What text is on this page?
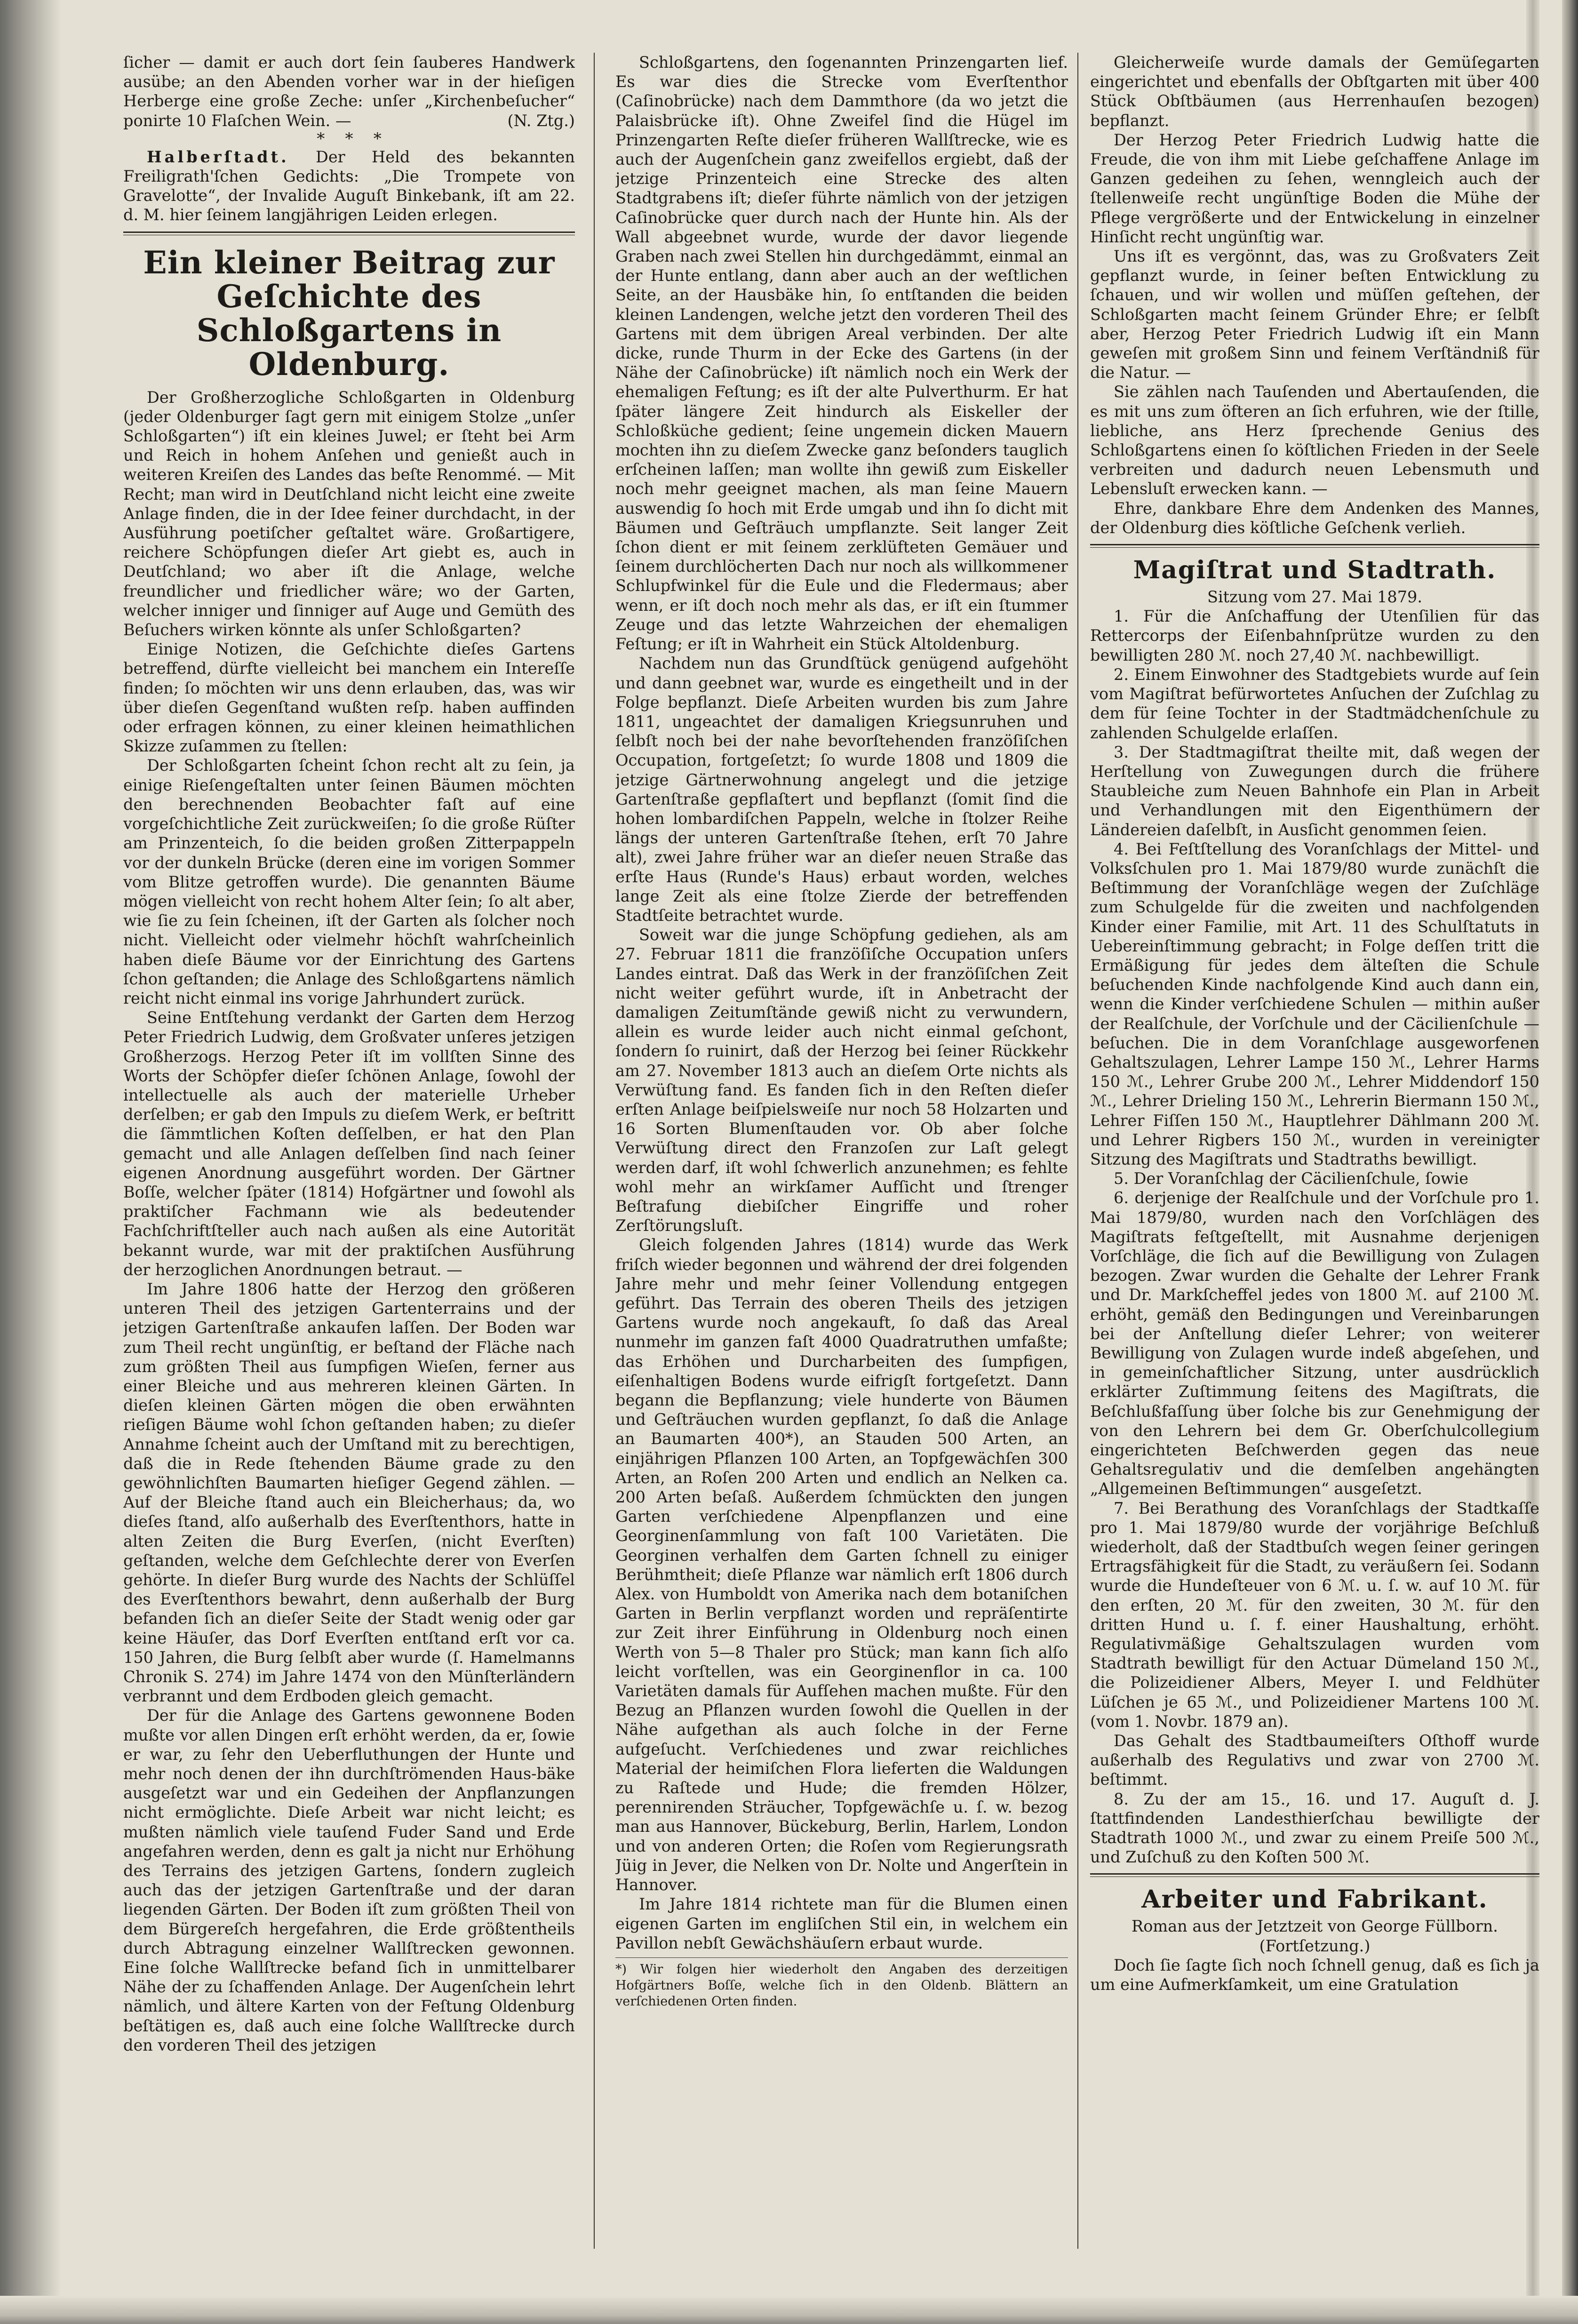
ſicher — damit er auch dort ſein ſauberes Handwerk ausübe; an den Abenden vorher war in der hieſigen Herberge eine große Zeche: unſer „Kirchenbeſucher“ ponirte 10 Flaſchen Wein. —	(N. Ztg.)

*    *    *

Halberſtadt. Der Held des bekannten Freiligrath'ſchen Gedichts: „Die Trompete von Gravelotte“, der Invalide Auguſt Binkebank, iſt am 22. d. M. hier ſeinem langjährigen Leiden erlegen.

Ein kleiner Beitrag zur Geſchichte des Schloßgartens in Oldenburg.

Der Großherzogliche Schloßgarten in Oldenburg (jeder Oldenburger ſagt gern mit einigem Stolze „unſer Schloßgarten“) iſt ein kleines Juwel; er ſteht bei Arm und Reich in hohem Anſehen und genießt auch in weiteren Kreiſen des Landes das beſte Renommé. — Mit Recht; man wird in Deutſchland nicht leicht eine zweite Anlage finden, die in der Idee feiner durchdacht, in der Ausführung poetiſcher geſtaltet wäre. Großartigere, reichere Schöpfungen dieſer Art giebt es, auch in Deutſchland; wo aber iſt die Anlage, welche freundlicher und friedlicher wäre; wo der Garten, welcher inniger und ſinniger auf Auge und Gemüth des Beſuchers wirken könnte als unſer Schloßgarten?

Einige Notizen, die Geſchichte dieſes Gartens betreffend, dürfte vielleicht bei manchem ein Intereſſe finden; ſo möchten wir uns denn erlauben, das, was wir über dieſen Gegenſtand wußten reſp. haben auffinden oder erfragen können, zu einer kleinen heimathlichen Skizze zuſammen zu ſtellen:

Der Schloßgarten ſcheint ſchon recht alt zu ſein, ja einige Rieſengeſtalten unter ſeinen Bäumen möchten den berechnenden Beobachter faſt auf eine vorgeſchichtliche Zeit zurückweiſen; ſo die große Rüſter am Prinzenteich, ſo die beiden großen Zitterpappeln vor der dunkeln Brücke (deren eine im vorigen Sommer vom Blitze getroffen wurde). Die genannten Bäume mögen vielleicht von recht hohem Alter ſein; ſo alt aber, wie ſie zu ſein ſcheinen, iſt der Garten als ſolcher noch nicht. Vielleicht oder vielmehr höchſt wahrſcheinlich haben dieſe Bäume vor der Einrichtung des Gartens ſchon geſtanden; die Anlage des Schloßgartens nämlich reicht nicht einmal ins vorige Jahrhundert zurück.

Seine Entſtehung verdankt der Garten dem Herzog Peter Friedrich Ludwig, dem Großvater unſeres jetzigen Großherzogs. Herzog Peter iſt im vollſten Sinne des Worts der Schöpfer dieſer ſchönen Anlage, ſowohl der intellectuelle als auch der materielle Urheber derſelben; er gab den Impuls zu dieſem Werk, er beſtritt die ſämmtlichen Koſten deſſelben, er hat den Plan gemacht und alle Anlagen deſſelben ſind nach ſeiner eigenen Anordnung ausgeführt worden. Der Gärtner Boſſe, welcher ſpäter (1814) Hofgärtner und ſowohl als praktiſcher Fachmann wie als bedeutender Fachſchriftſteller auch nach außen als eine Autorität bekannt wurde, war mit der praktiſchen Ausführung der herzoglichen Anordnungen betraut. —

Im Jahre 1806 hatte der Herzog den größeren unteren Theil des jetzigen Gartenterrains und der jetzigen Gartenſtraße ankaufen laſſen. Der Boden war zum Theil recht ungünſtig, er beſtand der Fläche nach zum größten Theil aus ſumpfigen Wieſen, ferner aus einer Bleiche und aus mehreren kleinen Gärten. In dieſen kleinen Gärten mögen die oben erwähnten rieſigen Bäume wohl ſchon geſtanden haben; zu dieſer Annahme ſcheint auch der Umſtand mit zu berechtigen, daß die in Rede ſtehenden Bäume grade zu den gewöhnlichſten Baumarten hieſiger Gegend zählen. — Auf der Bleiche ſtand auch ein Bleicherhaus; da, wo dieſes ſtand, alſo außerhalb des Everſtenthors, hatte in alten Zeiten die Burg Everſen, (nicht Everſten) geſtanden, welche dem Geſchlechte derer von Everſen gehörte. In dieſer Burg wurde des Nachts der Schlüſſel des Everſtenthors bewahrt, denn außerhalb der Burg befanden ſich an dieſer Seite der Stadt wenig oder gar keine Häuſer, das Dorf Everſten entſtand erſt vor ca. 150 Jahren, die Burg ſelbſt aber wurde (ſ. Hamelmanns Chronik S. 274) im Jahre 1474 von den Münſterländern verbrannt und dem Erdboden gleich gemacht.

Der für die Anlage des Gartens gewonnene Boden mußte vor allen Dingen erſt erhöht werden, da er, ſowie er war, zu ſehr den Ueberfluthungen der Hunte und mehr noch denen der ihn durchſtrömenden Haus-bäke ausgeſetzt war und ein Gedeihen der Anpflanzungen nicht ermöglichte. Dieſe Arbeit war nicht leicht; es mußten nämlich viele tauſend Fuder Sand und Erde angefahren werden, denn es galt ja nicht nur Erhöhung des Terrains des jetzigen Gartens, ſondern zugleich auch das der jetzigen Gartenſtraße und der daran liegenden Gärten. Der Boden iſt zum größten Theil von dem Bürgereſch hergefahren, die Erde größtentheils durch Abtragung einzelner Wallſtrecken gewonnen. Eine ſolche Wallſtrecke befand ſich in unmittelbarer Nähe der zu ſchaffenden Anlage. Der Augenſchein lehrt nämlich, und ältere Karten von der Feſtung Oldenburg beſtätigen es, daß auch eine ſolche Wallſtrecke durch den vorderen Theil des jetzigen

Schloßgartens, den ſogenannten Prinzengarten lief. Es war dies die Strecke vom Everſtenthor (Caſinobrücke) nach dem Dammthore (da wo jetzt die Palaisbrücke iſt). Ohne Zweifel ſind die Hügel im Prinzengarten Reſte dieſer früheren Wallſtrecke, wie es auch der Augenſchein ganz zweifellos ergiebt, daß der jetzige Prinzenteich eine Strecke des alten Stadtgrabens iſt; dieſer führte nämlich von der jetzigen Caſinobrücke quer durch nach der Hunte hin. Als der Wall abgeebnet wurde, wurde der davor liegende Graben nach zwei Stellen hin durchgedämmt, einmal an der Hunte entlang, dann aber auch an der weſtlichen Seite, an der Hausbäke hin, ſo entſtanden die beiden kleinen Landengen, welche jetzt den vorderen Theil des Gartens mit dem übrigen Areal verbinden. Der alte dicke, runde Thurm in der Ecke des Gartens (in der Nähe der Caſinobrücke) iſt nämlich noch ein Werk der ehemaligen Feſtung; es iſt der alte Pulverthurm. Er hat ſpäter längere Zeit hindurch als Eiskeller der Schloßküche gedient; ſeine ungemein dicken Mauern mochten ihn zu dieſem Zwecke ganz beſonders tauglich erſcheinen laſſen; man wollte ihn gewiß zum Eiskeller noch mehr geeignet machen, als man ſeine Mauern auswendig ſo hoch mit Erde umgab und ihn ſo dicht mit Bäumen und Geſträuch umpflanzte. Seit langer Zeit ſchon dient er mit ſeinem zerklüfteten Gemäuer und ſeinem durchlöcherten Dach nur noch als willkommener Schlupfwinkel für die Eule und die Fledermaus; aber wenn, er iſt doch noch mehr als das, er iſt ein ſtummer Zeuge und das letzte Wahrzeichen der ehemaligen Feſtung; er iſt in Wahrheit ein Stück Altoldenburg.

Nachdem nun das Grundſtück genügend aufgehöht und dann geebnet war, wurde es eingetheilt und in der Folge bepflanzt. Dieſe Arbeiten wurden bis zum Jahre 1811, ungeachtet der damaligen Kriegsunruhen und ſelbſt noch bei der nahe bevorſtehenden franzöſiſchen Occupation, fortgeſetzt; ſo wurde 1808 und 1809 die jetzige Gärtnerwohnung angelegt und die jetzige Gartenſtraße gepflaſtert und bepflanzt (ſomit ſind die hohen lombardiſchen Pappeln, welche in ſtolzer Reihe längs der unteren Gartenſtraße ſtehen, erſt 70 Jahre alt), zwei Jahre früher war an dieſer neuen Straße das erſte Haus (Runde's Haus) erbaut worden, welches lange Zeit als eine ſtolze Zierde der betreffenden Stadtſeite betrachtet wurde.

Soweit war die junge Schöpfung gediehen, als am 27. Februar 1811 die franzöſiſche Occupation unſers Landes eintrat. Daß das Werk in der franzöſiſchen Zeit nicht weiter geführt wurde, iſt in Anbetracht der damaligen Zeitumſtände gewiß nicht zu verwundern, allein es wurde leider auch nicht einmal geſchont, ſondern ſo ruinirt, daß der Herzog bei ſeiner Rückkehr am 27. November 1813 auch an dieſem Orte nichts als Verwüſtung fand. Es fanden ſich in den Reſten dieſer erſten Anlage beiſpielsweiſe nur noch 58 Holzarten und 16 Sorten Blumenſtauden vor. Ob aber ſolche Verwüſtung direct den Franzoſen zur Laſt gelegt werden darf, iſt wohl ſchwerlich anzunehmen; es fehlte wohl mehr an wirkſamer Aufſicht und ſtrenger Beſtrafung diebiſcher Eingriffe und roher Zerſtörungsluſt.

Gleich folgenden Jahres (1814) wurde das Werk friſch wieder begonnen und während der drei folgenden Jahre mehr und mehr ſeiner Vollendung entgegen geführt. Das Terrain des oberen Theils des jetzigen Gartens wurde noch angekauft, ſo daß das Areal nunmehr im ganzen faſt 4000 Quadratruthen umfaßte; das Erhöhen und Durcharbeiten des ſumpfigen, eiſenhaltigen Bodens wurde eifrigſt fortgeſetzt. Dann begann die Bepflanzung; viele hunderte von Bäumen und Geſträuchen wurden gepflanzt, ſo daß die Anlage an Baumarten 400*), an Stauden 500 Arten, an einjährigen Pflanzen 100 Arten, an Topfgewächſen 300 Arten, an Roſen 200 Arten und endlich an Nelken ca. 200 Arten beſaß. Außerdem ſchmückten den jungen Garten verſchiedene Alpenpflanzen und eine Georginenſammlung von faſt 100 Varietäten. Die Georginen verhalfen dem Garten ſchnell zu einiger Berühmtheit; dieſe Pflanze war nämlich erſt 1806 durch Alex. von Humboldt von Amerika nach dem botaniſchen Garten in Berlin verpflanzt worden und repräſentirte zur Zeit ihrer Einführung in Oldenburg noch einen Werth von 5—8 Thaler pro Stück; man kann ſich alſo leicht vorſtellen, was ein Georginenflor in ca. 100 Varietäten damals für Aufſehen machen mußte. Für den Bezug an Pflanzen wurden ſowohl die Quellen in der Nähe aufgethan als auch ſolche in der Ferne aufgeſucht. Verſchiedenes und zwar reichliches Material der heimiſchen Flora lieferten die Waldungen zu Raſtede und Hude; die fremden Hölzer, perennirenden Sträucher, Topfgewächſe u. ſ. w. bezog man aus Hannover, Bückeburg, Berlin, Harlem, London und von anderen Orten; die Roſen vom Regierungsrath Jüig in Jever, die Nelken von Dr. Nolte und Angerſtein in Hannover.

Im Jahre 1814 richtete man für die Blumen einen eigenen Garten im engliſchen Stil ein, in welchem ein Pavillon nebſt Gewächshäuſern erbaut wurde.

*) Wir folgen hier wiederholt den Angaben des derzeitigen Hofgärtners Boſſe, welche ſich in den Oldenb. Blättern an verſchiedenen Orten finden.

Gleicherweiſe wurde damals der Gemüſegarten eingerichtet und ebenfalls der Obſtgarten mit über 400 Stück Obſtbäumen (aus Herrenhauſen bezogen) bepflanzt.

Der Herzog Peter Friedrich Ludwig hatte die Freude, die von ihm mit Liebe geſchaffene Anlage im Ganzen gedeihen zu ſehen, wenngleich auch der ſtellenweiſe recht ungünſtige Boden die Mühe der Pflege vergrößerte und der Entwickelung in einzelner Hinſicht recht ungünſtig war.

Uns iſt es vergönnt, das, was zu Großvaters Zeit gepflanzt wurde, in ſeiner beſten Entwicklung zu ſchauen, und wir wollen und müſſen geſtehen, der Schloßgarten macht ſeinem Gründer Ehre; er ſelbſt aber, Herzog Peter Friedrich Ludwig iſt ein Mann geweſen mit großem Sinn und feinem Verſtändniß für die Natur. —

Sie zählen nach Tauſenden und Abertauſenden, die es mit uns zum öfteren an ſich erfuhren, wie der ſtille, liebliche, ans Herz ſprechende Genius des Schloßgartens einen ſo köſtlichen Frieden in der Seele verbreiten und dadurch neuen Lebensmuth und Lebensluſt erwecken kann. —

Ehre, dankbare Ehre dem Andenken des Mannes, der Oldenburg dies köſtliche Geſchenk verlieh.

Magiſtrat und Stadtrath.

Sitzung vom 27. Mai 1879.

1. Für die Anſchaffung der Utenſilien für das Rettercorps der Eiſenbahnſprütze wurden zu den bewilligten 280 ℳ. noch 27,40 ℳ. nachbewilligt.

2. Einem Einwohner des Stadtgebiets wurde auf ſein vom Magiſtrat befürwortetes Anſuchen der Zuſchlag zu dem für ſeine Tochter in der Stadtmädchenſchule zu zahlenden Schulgelde erlaſſen.

3. Der Stadtmagiſtrat theilte mit, daß wegen der Herſtellung von Zuwegungen durch die frühere Staubleiche zum Neuen Bahnhofe ein Plan in Arbeit und Verhandlungen mit den Eigenthümern der Ländereien daſelbſt, in Ausſicht genommen ſeien.

4. Bei Feſtſtellung des Voranſchlags der Mittel- und Volksſchulen pro 1. Mai 1879/80 wurde zunächſt die Beſtimmung der Voranſchläge wegen der Zuſchläge zum Schulgelde für die zweiten und nachfolgenden Kinder einer Familie, mit Art. 11 des Schulſtatuts in Uebereinſtimmung gebracht; in Folge deſſen tritt die Ermäßigung für jedes dem älteſten die Schule beſuchenden Kinde nachfolgende Kind auch dann ein, wenn die Kinder verſchiedene Schulen — mithin außer der Realſchule, der Vorſchule und der Cäcilienſchule — beſuchen. Die in dem Voranſchlage ausgeworfenen Gehaltszulagen, Lehrer Lampe 150 ℳ., Lehrer Harms 150 ℳ., Lehrer Grube 200 ℳ., Lehrer Middendorf 150 ℳ., Lehrer Drieling 150 ℳ., Lehrerin Biermann 150 ℳ., Lehrer Fiſſen 150 ℳ., Hauptlehrer Dählmann 200 ℳ. und Lehrer Rigbers 150 ℳ., wurden in vereinigter Sitzung des Magiſtrats und Stadtraths bewilligt.

5. Der Voranſchlag der Cäcilienſchule, ſowie

6. derjenige der Realſchule und der Vorſchule pro 1. Mai 1879/80, wurden nach den Vorſchlägen des Magiſtrats feſtgeſtellt, mit Ausnahme derjenigen Vorſchläge, die ſich auf die Bewilligung von Zulagen bezogen. Zwar wurden die Gehalte der Lehrer Frank und Dr. Markſcheffel jedes von 1800 ℳ. auf 2100 ℳ. erhöht, gemäß den Bedingungen und Vereinbarungen bei der Anſtellung dieſer Lehrer; von weiterer Bewilligung von Zulagen wurde indeß abgeſehen, und in gemeinſchaftlicher Sitzung, unter ausdrücklich erklärter Zuſtimmung ſeitens des Magiſtrats, die Beſchlußfaſſung über ſolche bis zur Genehmigung der von den Lehrern bei dem Gr. Oberſchulcollegium eingerichteten Beſchwerden gegen das neue Gehaltsregulativ und die demſelben angehängten „Allgemeinen Beſtimmungen“ ausgeſetzt.

7. Bei Berathung des Voranſchlags der Stadtkaſſe pro 1. Mai 1879/80 wurde der vorjährige Beſchluß wiederholt, daß der Stadtbuſch wegen ſeiner geringen Ertragsfähigkeit für die Stadt, zu veräußern ſei. Sodann wurde die Hundeſteuer von 6 ℳ. u. ſ. w. auf 10 ℳ. für den erſten, 20 ℳ. für den zweiten, 30 ℳ. für den dritten Hund u. ſ. f. einer Haushaltung, erhöht. Regulativmäßige Gehaltszulagen wurden vom Stadtrath bewilligt für den Actuar Dümeland 150 ℳ., die Polizeidiener Albers, Meyer I. und Feldhüter Lüſchen je 65 ℳ., und Polizeidiener Martens 100 ℳ. (vom 1. Novbr. 1879 an).

Das Gehalt des Stadtbaumeiſters Oſthoff wurde außerhalb des Regulativs und zwar von 2700 ℳ. beſtimmt.

8. Zu der am 15., 16. und 17. Auguſt d. J. ſtattfindenden Landesthierſchau bewilligte der Stadtrath 1000 ℳ., und zwar zu einem Preiſe 500 ℳ., und Zuſchuß zu den Koſten 500 ℳ.

Arbeiter und Fabrikant.

Roman aus der Jetztzeit von George Füllborn.

(Fortſetzung.)

Doch ſie ſagte ſich noch ſchnell genug, daß es ſich ja um eine Aufmerkſamkeit, um eine Gratulation
